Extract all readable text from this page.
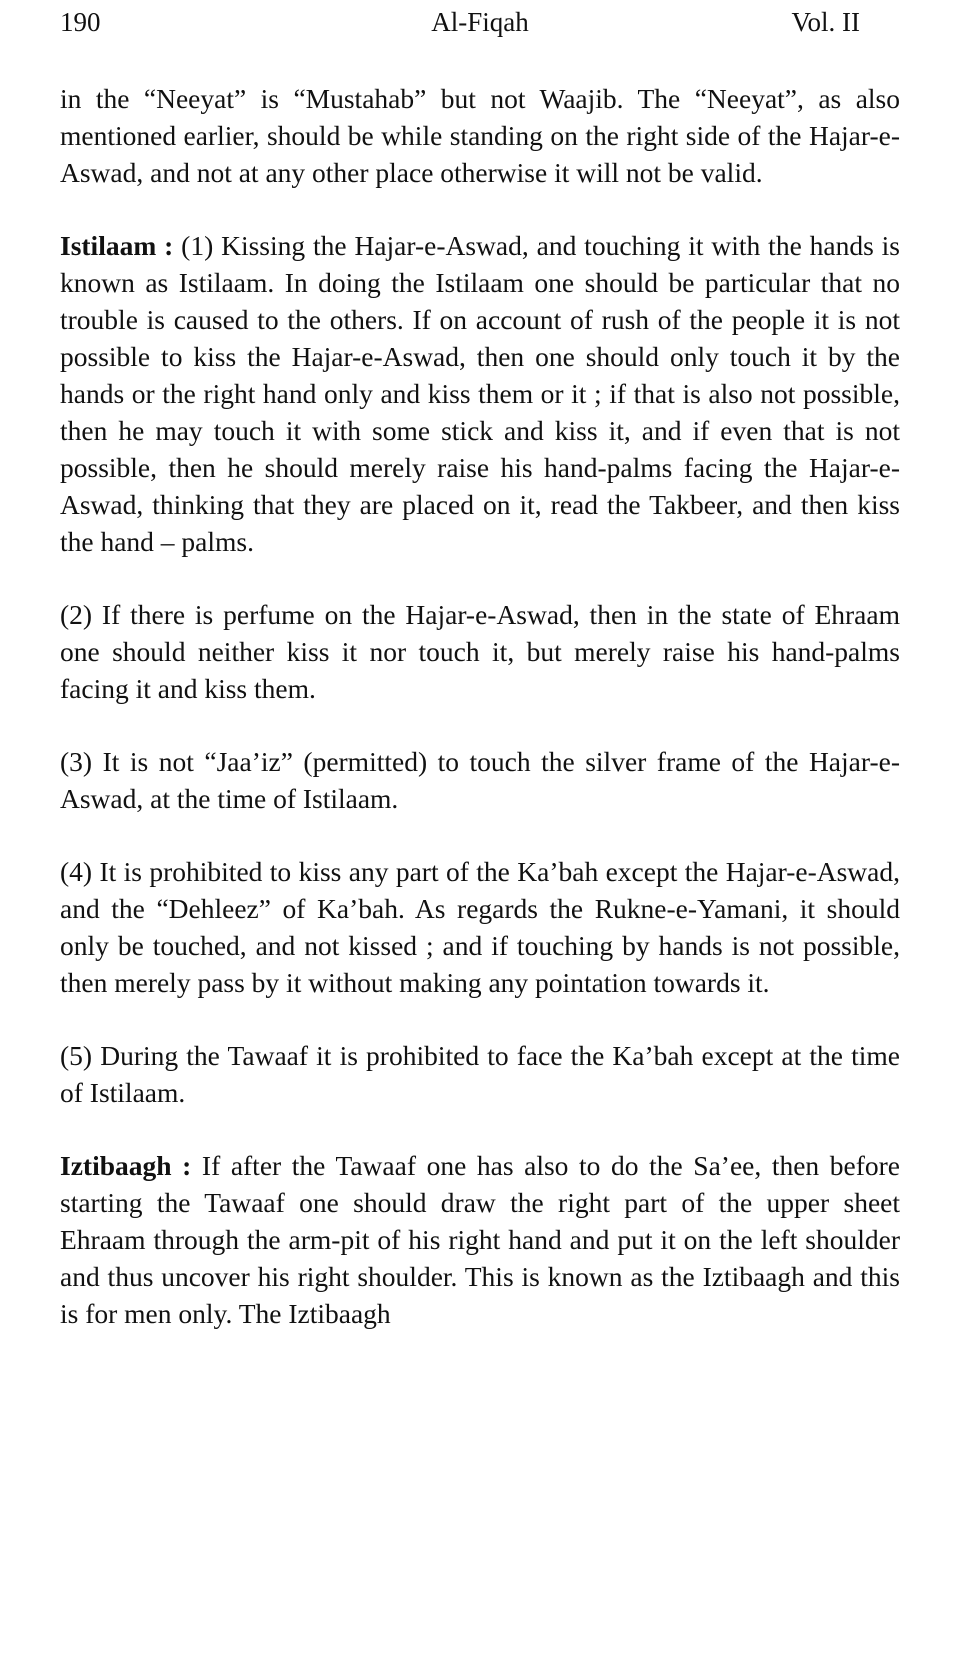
190	Al-Fiqah	Vol. II

in the “Neeyat” is “Mustahab” but not Waajib. The “Neeyat”, as also mentioned earlier, should be while standing on the right side of the Hajar-e-Aswad, and not at any other place otherwise it will not be valid.

Istilaam : (1) Kissing the Hajar-e-Aswad, and touching it with the hands is known as Istilaam. In doing the Istilaam one should be particular that no trouble is caused to the others. If on account of rush of the people it is not possible to kiss the Hajar-e-Aswad, then one should only touch it by the hands or the right hand only and kiss them or it ; if that is also not possible, then he may touch it with some stick and kiss it, and if even that is not possible, then he should merely raise his hand-palms facing the Hajar-e-Aswad, thinking that they are placed on it, read the Takbeer, and then kiss the hand – palms.

(2) If there is perfume on the Hajar-e-Aswad, then in the state of Ehraam one should neither kiss it nor touch it, but merely raise his hand-palms facing it and kiss them.

(3) It is not “Jaa’iz” (permitted) to touch the silver frame of the Hajar-e-Aswad, at the time of Istilaam.

(4) It is prohibited to kiss any part of the Ka’bah except the Hajar-e-Aswad, and the “Dehleez” of Ka’bah. As regards the Rukne-e-Yamani, it should only be touched, and not kissed ; and if touching by hands is not possible, then merely pass by it without making any pointation towards it.

(5) During the Tawaaf it is prohibited to face the Ka’bah except at the time of Istilaam.

Iztibaagh : If after the Tawaaf one has also to do the Sa’ee, then before starting the Tawaaf one should draw the right part of the upper sheet Ehraam through the arm-pit of his right hand and put it on the left shoulder and thus uncover his right shoulder. This is known as the Iztibaagh and this is for men only. The Iztibaagh
